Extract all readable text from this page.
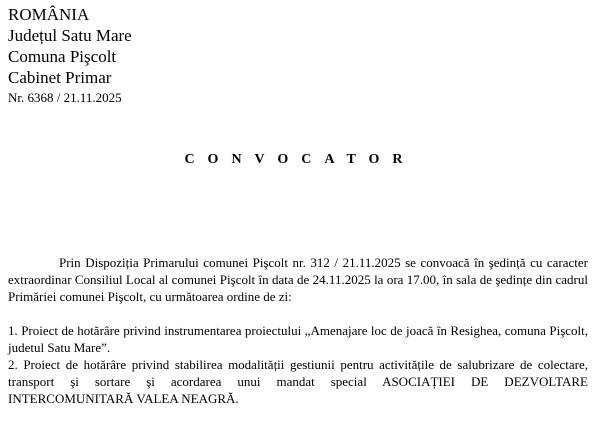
ROMÂNIA
Județul Satu Mare
Comuna Pişcolt
Cabinet Primar
Nr. 6368 / 21.11.2025
CONVOCATOR
Prin Dispoziția Primarului comunei Pişcolt nr. 312 / 21.11.2025 se convoacă în şedință cu caracter extraordinar Consiliul Local al comunei Pişcolt în data de 24.11.2025 la ora 17.00, în sala de şedințe din cadrul Primăriei comunei Pişcolt, cu următoarea ordine de zi:
1. Proiect de hotărâre privind instrumentarea proiectului „Amenajare loc de joacă în Resighea, comuna Pişcolt, judetul Satu Mare”.
2. Proiect de hotărâre privind stabilirea modalității gestiunii pentru activitățile de salubrizare de colectare, transport şi sortare şi acordarea unui mandat special ASOCIAȚIEI DE DEZVOLTARE INTERCOMUNITARĂ VALEA NEAGRĂ.
